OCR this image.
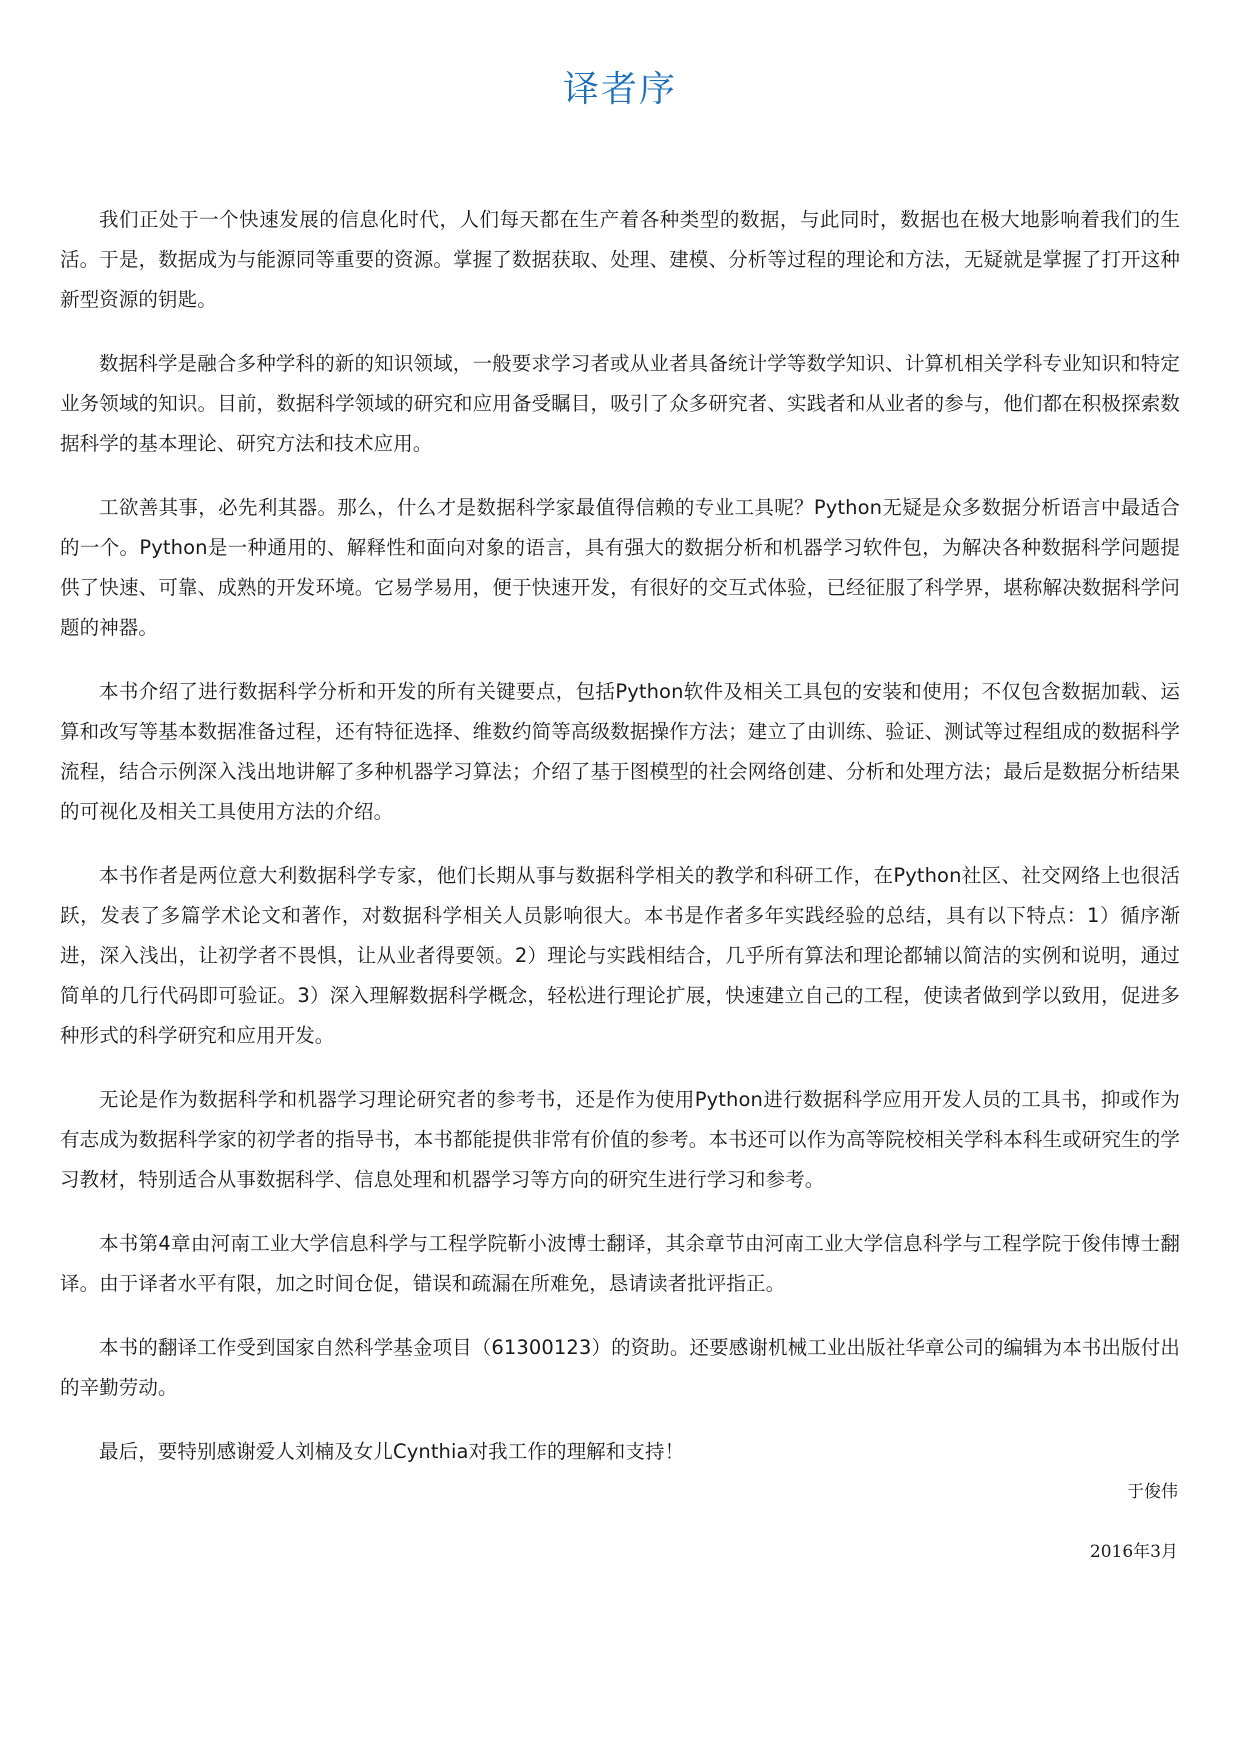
译者序

我们正处于一个快速发展的信息化时代，人们每天都在生产着各种类型的数据，与此同时，数据也在极大地影响着我们的生活。于是，数据成为与能源同等重要的资源。掌握了数据获取、处理、建模、分析等过程的理论和方法，无疑就是掌握了打开这种新型资源的钥匙。

数据科学是融合多种学科的新的知识领域，一般要求学习者或从业者具备统计学等数学知识、计算机相关学科专业知识和特定业务领域的知识。目前，数据科学领域的研究和应用备受瞩目，吸引了众多研究者、实践者和从业者的参与，他们都在积极探索数据科学的基本理论、研究方法和技术应用。

工欲善其事，必先利其器。那么，什么才是数据科学家最值得信赖的专业工具呢？Python无疑是众多数据分析语言中最适合的一个。Python是一种通用的、解释性和面向对象的语言，具有强大的数据分析和机器学习软件包，为解决各种数据科学问题提供了快速、可靠、成熟的开发环境。它易学易用，便于快速开发，有很好的交互式体验，已经征服了科学界，堪称解决数据科学问题的神器。

本书介绍了进行数据科学分析和开发的所有关键要点，包括Python软件及相关工具包的安装和使用；不仅包含数据加载、运算和改写等基本数据准备过程，还有特征选择、维数约简等高级数据操作方法；建立了由训练、验证、测试等过程组成的数据科学流程，结合示例深入浅出地讲解了多种机器学习算法；介绍了基于图模型的社会网络创建、分析和处理方法；最后是数据分析结果的可视化及相关工具使用方法的介绍。

本书作者是两位意大利数据科学专家，他们长期从事与数据科学相关的教学和科研工作，在Python社区、社交网络上也很活跃，发表了多篇学术论文和著作，对数据科学相关人员影响很大。本书是作者多年实践经验的总结，具有以下特点：1）循序渐进，深入浅出，让初学者不畏惧，让从业者得要领。2）理论与实践相结合，几乎所有算法和理论都辅以简洁的实例和说明，通过简单的几行代码即可验证。3）深入理解数据科学概念，轻松进行理论扩展，快速建立自己的工程，使读者做到学以致用，促进多种形式的科学研究和应用开发。

无论是作为数据科学和机器学习理论研究者的参考书，还是作为使用Python进行数据科学应用开发人员的工具书，抑或作为有志成为数据科学家的初学者的指导书，本书都能提供非常有价值的参考。本书还可以作为高等院校相关学科本科生或研究生的学习教材，特别适合从事数据科学、信息处理和机器学习等方向的研究生进行学习和参考。

本书第4章由河南工业大学信息科学与工程学院靳小波博士翻译，其余章节由河南工业大学信息科学与工程学院于俊伟博士翻译。由于译者水平有限，加之时间仓促，错误和疏漏在所难免，恳请读者批评指正。

本书的翻译工作受到国家自然科学基金项目（61300123）的资助。还要感谢机械工业出版社华章公司的编辑为本书出版付出的辛勤劳动。

最后，要特别感谢爱人刘楠及女儿Cynthia对我工作的理解和支持！

于俊伟

2016年3月
